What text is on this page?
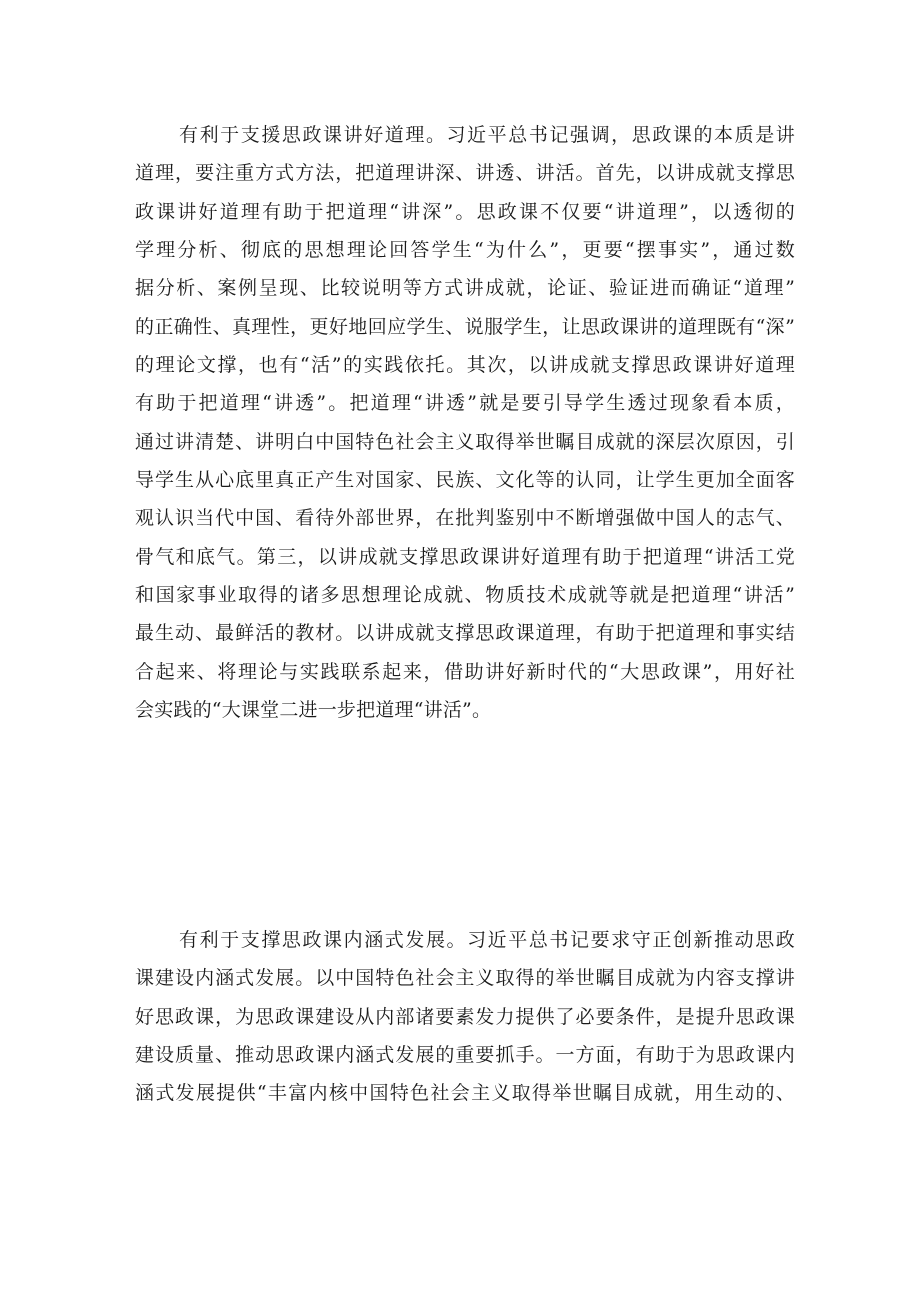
有利于支援思政课讲好道理。习近平总书记强调，思政课的本质是讲
道理，要注重方式方法，把道理讲深、讲透、讲活。首先，以讲成就支撑思
政课讲好道理有助于把道理“讲深”。思政课不仅要“讲道理”，以透彻的
学理分析、彻底的思想理论回答学生“为什么”，更要“摆事实”，通过数
据分析、案例呈现、比较说明等方式讲成就，论证、验证进而确证“道理”
的正确性、真理性，更好地回应学生、说服学生，让思政课讲的道理既有“深”
的理论文撑，也有“活”的实践依托。其次，以讲成就支撑思政课讲好道理
有助于把道理“讲透”。把道理“讲透”就是要引导学生透过现象看本质，
通过讲清楚、讲明白中国特色社会主义取得举世瞩目成就的深层次原因，引
导学生从心底里真正产生对国家、民族、文化等的认同，让学生更加全面客
观认识当代中国、看待外部世界，在批判鉴别中不断增强做中国人的志气、
骨气和底气。第三，以讲成就支撑思政课讲好道理有助于把道理“讲活工党
和国家事业取得的诸多思想理论成就、物质技术成就等就是把道理“讲活”
最生动、最鲜活的教材。以讲成就支撑思政课道理，有助于把道理和事实结
合起来、将理论与实践联系起来，借助讲好新时代的“大思政课”，用好社
会实践的“大课堂二进一步把道理“讲活”。
有利于支撑思政课内涵式发展。习近平总书记要求守正创新推动思政
课建设内涵式发展。以中国特色社会主义取得的举世瞩目成就为内容支撑讲
好思政课，为思政课建设从内部诸要素发力提供了必要条件，是提升思政课
建设质量、推动思政课内涵式发展的重要抓手。一方面，有助于为思政课内
涵式发展提供“丰富内核中国特色社会主义取得举世瞩目成就，用生动的、
